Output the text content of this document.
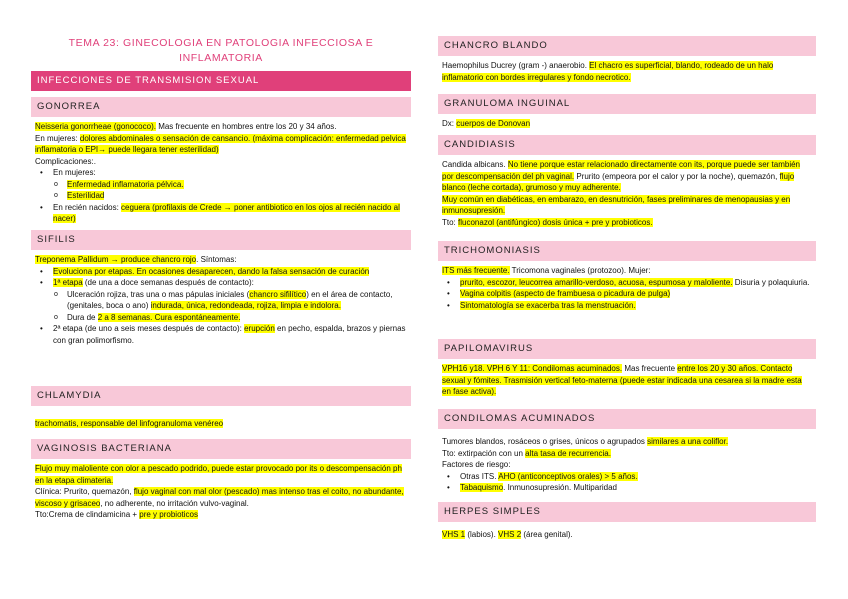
TEMA 23: GINECOLOGIA EN PATOLOGIA INFECCIOSA E INFLAMATORIA
INFECCIONES DE TRANSMISION SEXUAL
GONORREA

Neisseria gonorrheae (gonococo). Mas frecuente en hombres entre los 20 y 34 años.

En mujeres: dolores abdominales o sensación de cansancio. (máxima complicación: enfermedad pelvica inflamatoria o EPI→ puede llegara tener esterilidad)

Complicaciones:.

• En mujeres:
o Enfermedad inflamatoria pélvica.
o Esterilidad
• En recién nacidos: ceguera (profilaxis de Crede → poner antibiotico en los ojos al recién nacido al nacer)
SIFILIS

Treponema Pallidum → produce chancro rojo. Síntomas:

• Evoluciona por etapas. En ocasiones desaparecen, dando la falsa sensación de curación
• 1ª etapa (de una a doce semanas después de contacto):
o Ulceración rojiza, tras una o mas pápulas iniciales (chancro sifilítico) en el área de contacto, (genitales, boca o ano) indurada, única, redondeada, rojiza, limpia e indolora.
o Dura de 2 a 8 semanas. Cura espontáneamente.
• 2ª etapa (de uno a seis meses después de contacto): erupción en pecho, espalda, brazos y piernas con gran polimorfismo.
CHLAMYDIA

trachomatis, responsable del linfogranuloma venéreo

VAGINOSIS BACTERIANA

Flujo muy maloliente con olor a pescado podrido, puede estar provocado por its o descompensación ph en la etapa climateria.

Clínica: Prurito, quemazón, flujo vaginal con mal olor (pescado) mas intenso tras el coito, no abundante, viscoso y grisaceo, no adherente, no irritación vulvo-vaginal.

Tto:Crema de clindamicina + pre y probioticos

CHANCRO BLANDO

Haemophilus Ducrey (gram -) anaerobio. El chacro es superficial, blando, rodeado de un halo inflamatorio con bordes irregulares y fondo necrotico.

GRANULOMA INGUINAL

Dx: cuerpos de Donovan

CANDIDIASIS

Candida albicans. No tiene porque estar relacionado directamente con its, porque puede ser también por descompensación del ph vaginal. Prurito (empeora por el calor y por la noche), quemazón, flujo blanco (leche cortada), grumoso y muy adherente.

Muy común en diabéticas, en embarazo, en desnutrición, fases preliminares de menopausias y en inmunosupresión.

Tto: fluconazol (antifúngico) dosis única + pre y probioticos.

TRICHOMONIASIS

ITS más frecuente. Tricomona vaginales (protozoo). Mujer:

• prurito, escozor, leucorrea amarillo-verdoso, acuosa, espumosa y maloliente. Disuria y polaquiuria.
• Vagina colpitis (aspecto de frambuesa o picadura de pulga)
• Sintomatología se exacerba tras la menstruación.
PAPILOMAVIRUS

VPH16 y18. VPH 6 Y 11: Condilomas acuminados. Mas frecuente entre los 20 y 30 años. Contacto sexual y fómites. Trasmisión vertical feto-materna (puede estar indicada una cesarea si la madre esta en fase activa).

CONDILOMAS ACUMINADOS

Tumores blandos, rosáceos o grises, únicos o agrupados similares a una coliflor.

Tto: extirpación con un alta tasa de recurrencia.

Factores de riesgo:

• Otras ITS. AHO (anticonceptivos orales) > 5 años.
• Tabaquismo. Inmunosupresión. Multiparidad
HERPES SIMPLES

VHS 1 (labios). VHS 2 (área genital).
